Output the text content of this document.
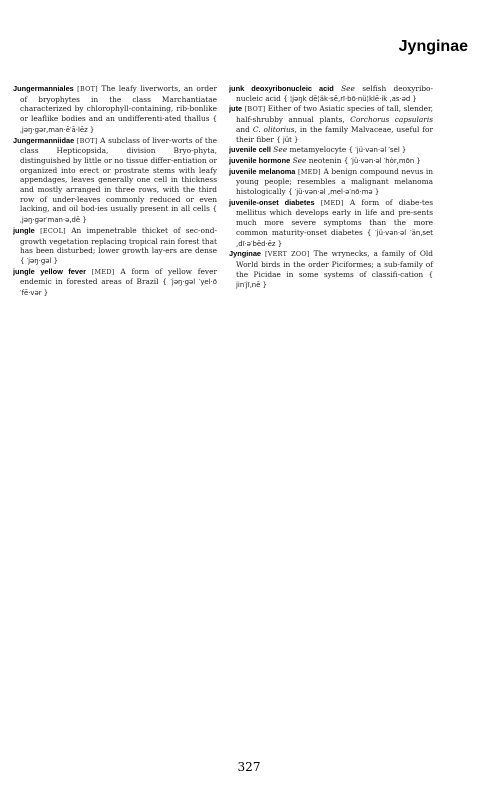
Jynginae

Jungermanniales [BOT] The leafy liverworts, an order of bryophytes in the class Marchantiatae characterized by chlorophyll-containing, rib-bonlike or leaflike bodies and an undifferenti-ated thallus { ˌjəŋ·gər‚man·ē′ā·lēz }

Jungermanniidae [BOT] A subclass of liver-worts of the class Hepticopsida, division Bryo-phyta, distinguished by little or no tissue differ-entiation or organized into erect or prostrate stems with leafy appendages, leaves generally one cell in thickness and mostly arranged in three rows, with the third row of under-leaves commonly reduced or even lacking, and oil bod-ies usually present in all cells { ˌjəŋ·gər′man·ə‚dē }

jungle [ECOL] An impenetrable thicket of sec-ond-growth vegetation replacing tropical rain forest that has been disturbed; lower growth lay-ers are dense { ′jəŋ·gəl }

jungle yellow fever [MED] A form of yellow fever endemic in forested areas of Brazil { ′jəŋ·gəl ′yel·ō ′fē·vər }

junk deoxyribonucleic acid See selfish deoxyribo-nucleic acid { ¦jəŋk dē¦äk·sē‚rī·bō·nü¦klē·ik ‚as·əd }

jute [BOT] Either of two Asiatic species of tall, slender, half-shrubby annual plants, Corchorus capsularis and C. olitorius, in the family Malvaceae, useful for their fiber { jüt }

juvenile cell See metamyelocyte { ′jü·vən·əl ′sel }

juvenile hormone See neotenin { ′jü·vən·əl ′hȯr‚mōn }

juvenile melanoma [MED] A benign compound nevus in young people; resembles a malignant melanoma histologically { ′jü·vən·əl ‚mel·ə′nō·mə }

juvenile-onset diabetes [MED] A form of diabe-tes mellitus which develops early in life and pre-sents much more severe symptoms than the more common maturity-onset diabetes { ′jü·vən·əl ′än‚set ‚dī·ə′bēd·ēz }

Jynginae [VERT ZOO] The wrynecks, a family of Old World birds in the order Piciformes; a sub-family of the Picidae in some systems of classifi-cation { jin′jī‚nē }

327
